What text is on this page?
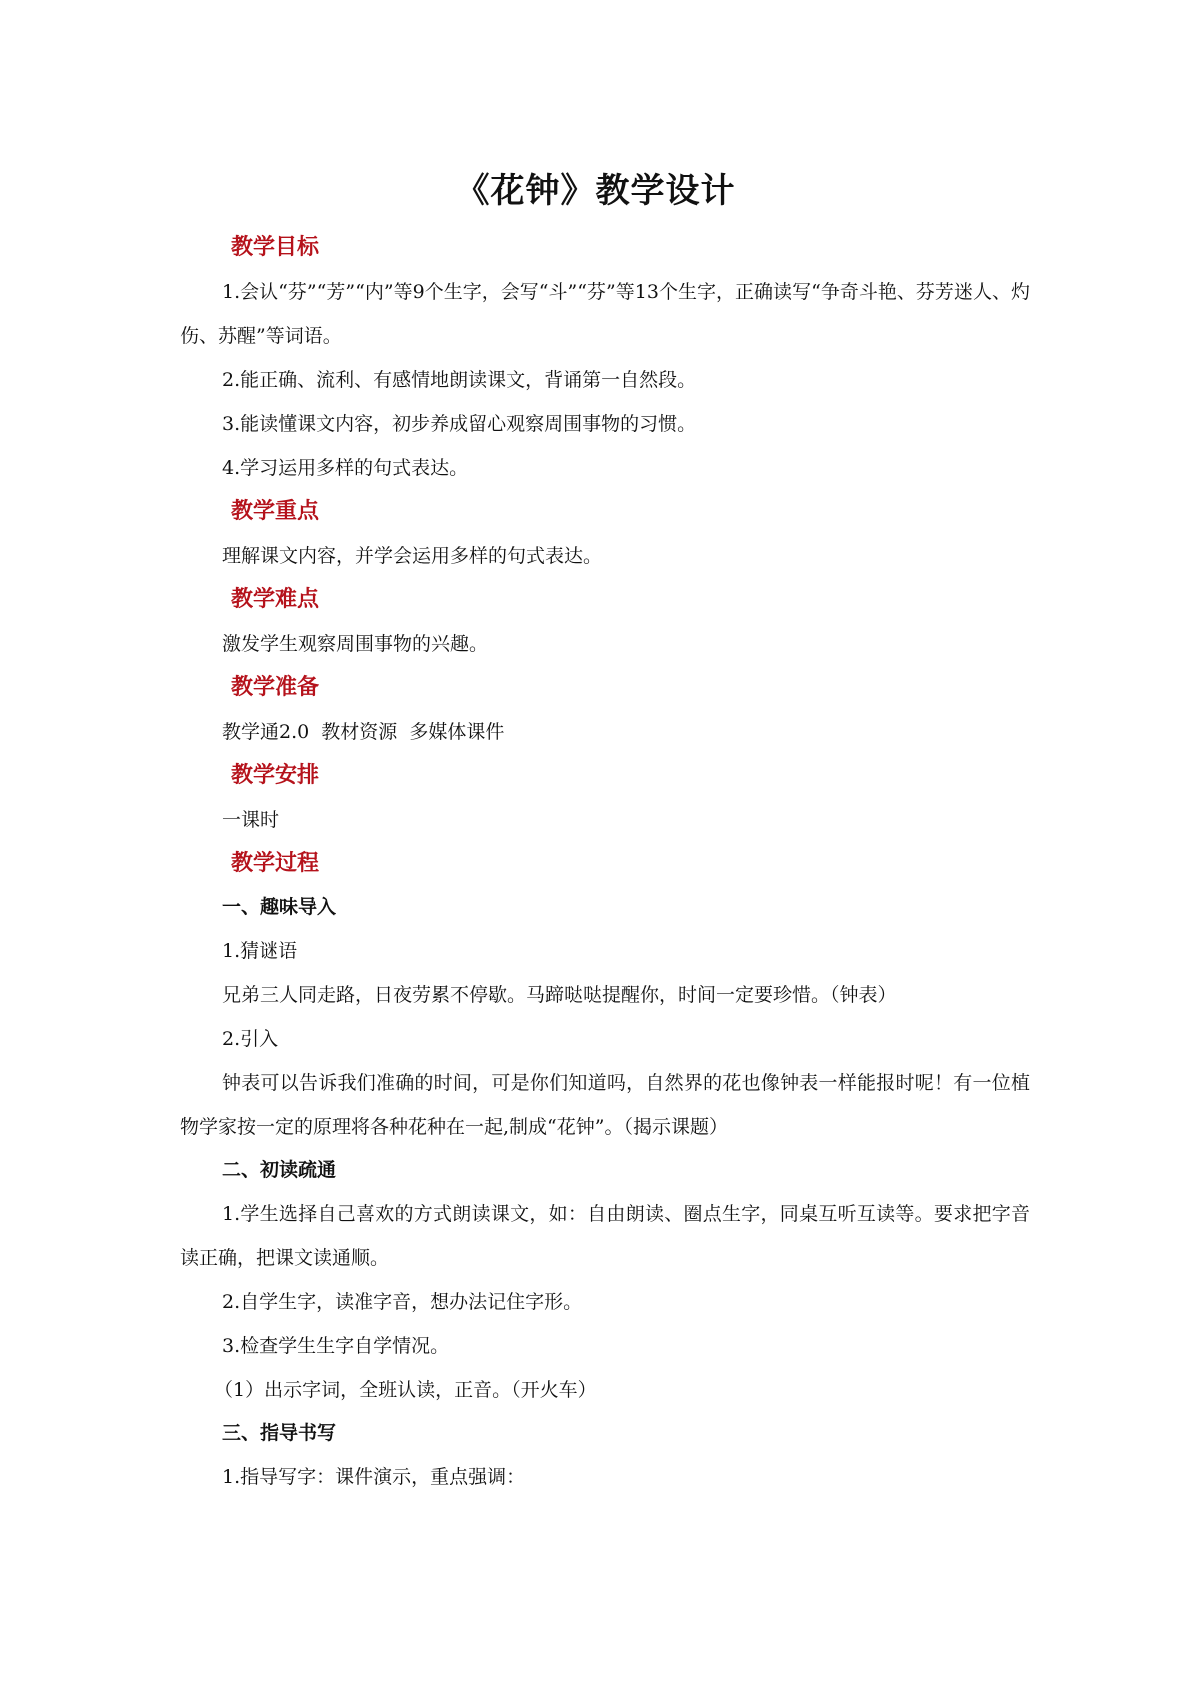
《花钟》教学设计
教学目标

1.会认“芬”“芳”“内”等9个生字，会写“斗”“芬”等13个生字，正确读写“争奇斗艳、芬芳迷人、灼伤、苏醒”等词语。

2.能正确、流利、有感情地朗读课文，背诵第一自然段。

3.能读懂课文内容，初步养成留心观察周围事物的习惯。

4.学习运用多样的句式表达。

教学重点

理解课文内容，并学会运用多样的句式表达。

教学难点

激发学生观察周围事物的兴趣。

教学准备

教学通2.0  教材资源  多媒体课件

教学安排

一课时

教学过程
一、趣味导入

1.猜谜语

兄弟三人同走路，日夜劳累不停歇。马蹄哒哒提醒你，时间一定要珍惜。（钟表）

2.引入

钟表可以告诉我们准确的时间，可是你们知道吗，自然界的花也像钟表一样能报时呢！有一位植物学家按一定的原理将各种花种在一起,制成“花钟”。（揭示课题）

二、初读疏通

1.学生选择自己喜欢的方式朗读课文，如：自由朗读、圈点生字，同桌互听互读等。要求把字音读正确，把课文读通顺。

2.自学生字，读准字音，想办法记住字形。

3.检查学生生字自学情况。

（1）出示字词，全班认读，正音。（开火车）

三、指导书写

1.指导写字：课件演示，重点强调：
